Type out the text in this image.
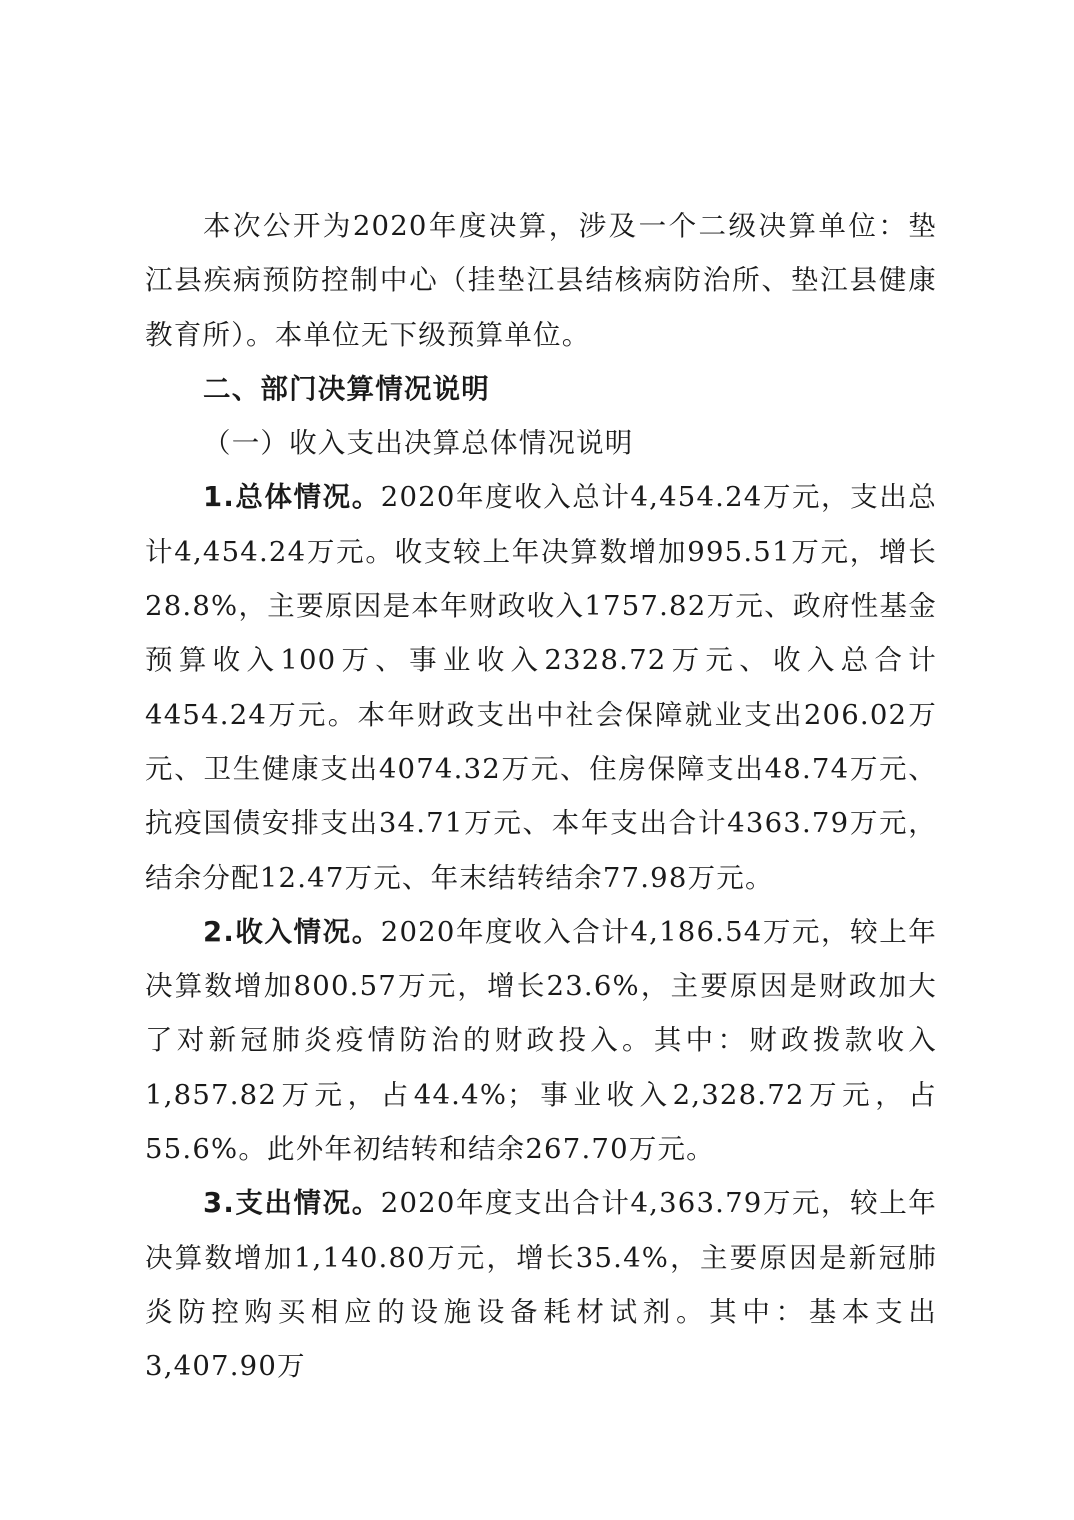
本次公开为2020年度决算，涉及一个二级决算单位：垫江县疾病预防控制中心（挂垫江县结核病防治所、垫江县健康教育所）。本单位无下级预算单位。

二、部门决算情况说明

（一）收入支出决算总体情况说明

1.总体情况。2020年度收入总计4,454.24万元，支出总计4,454.24万元。收支较上年决算数增加995.51万元，增长28.8%，主要原因是本年财政收入1757.82万元、政府性基金预算收入100万、事业收入2328.72万元、收入总合计4454.24万元。本年财政支出中社会保障就业支出206.02万元、卫生健康支出4074.32万元、住房保障支出48.74万元、抗疫国债安排支出34.71万元、本年支出合计4363.79万元，结余分配12.47万元、年末结转结余77.98万元。

2.收入情况。2020年度收入合计4,186.54万元，较上年决算数增加800.57万元，增长23.6%，主要原因是财政加大了对新冠肺炎疫情防治的财政投入。其中：财政拨款收入1,857.82万元，占44.4%；事业收入2,328.72万元，占55.6%。此外年初结转和结余267.70万元。

3.支出情况。2020年度支出合计4,363.79万元，较上年决算数增加1,140.80万元，增长35.4%，主要原因是新冠肺炎防控购买相应的设施设备耗材试剂。其中：基本支出3,407.90万
